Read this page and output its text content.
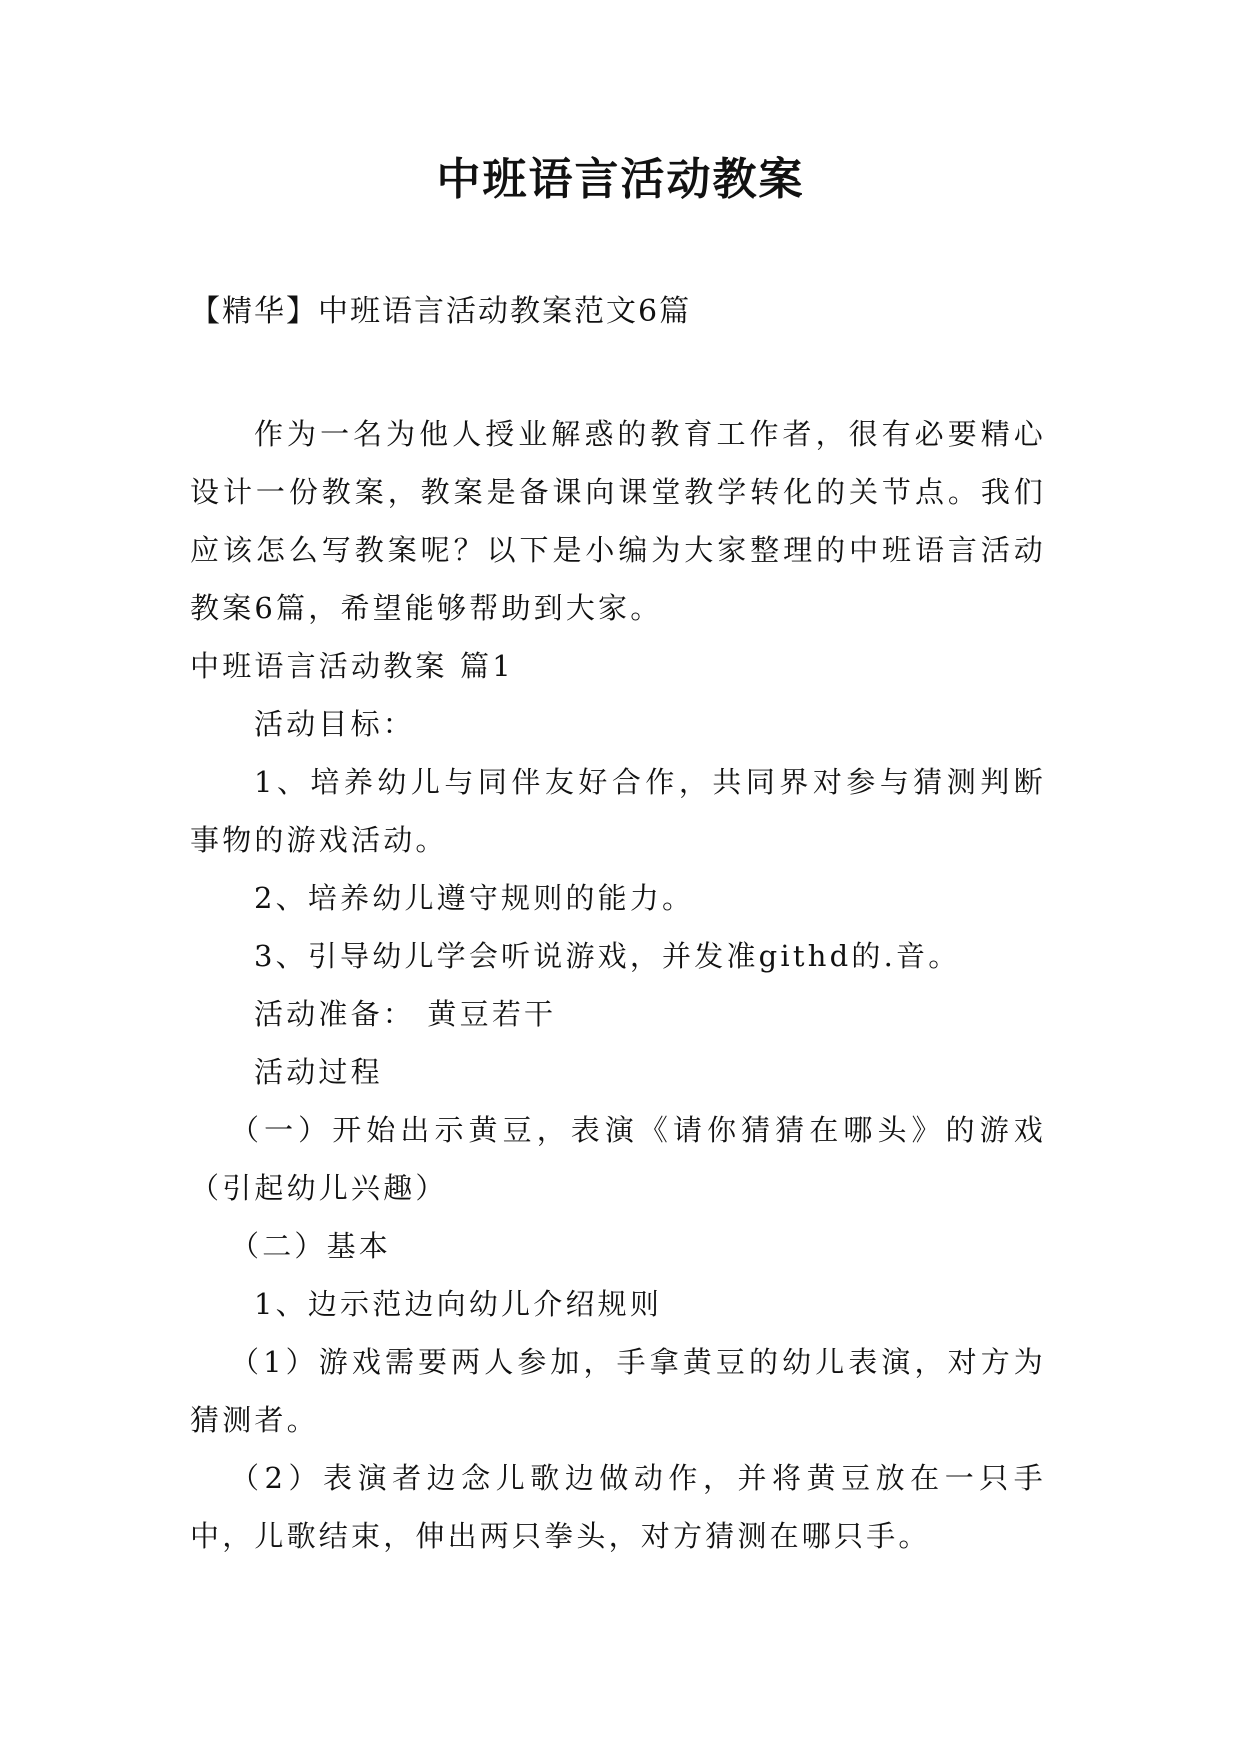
中班语言活动教案

【精华】中班语言活动教案范文6篇

作为一名为他人授业解惑的教育工作者，很有必要精心设计一份教案，教案是备课向课堂教学转化的关节点。我们应该怎么写教案呢？以下是小编为大家整理的中班语言活动教案6篇，希望能够帮助到大家。

中班语言活动教案 篇1

活动目标：

1、培养幼儿与同伴友好合作，共同界对参与猜测判断事物的游戏活动。

2、培养幼儿遵守规则的能力。

3、引导幼儿学会听说游戏，并发准githd的.音。

活动准备： 黄豆若干

活动过程

（一）开始出示黄豆，表演《请你猜猜在哪头》的游戏（引起幼儿兴趣）

（二）基本

1、边示范边向幼儿介绍规则

（1）游戏需要两人参加，手拿黄豆的幼儿表演，对方为猜测者。

（2）表演者边念儿歌边做动作，并将黄豆放在一只手中，儿歌结束，伸出两只拳头，对方猜测在哪只手。
